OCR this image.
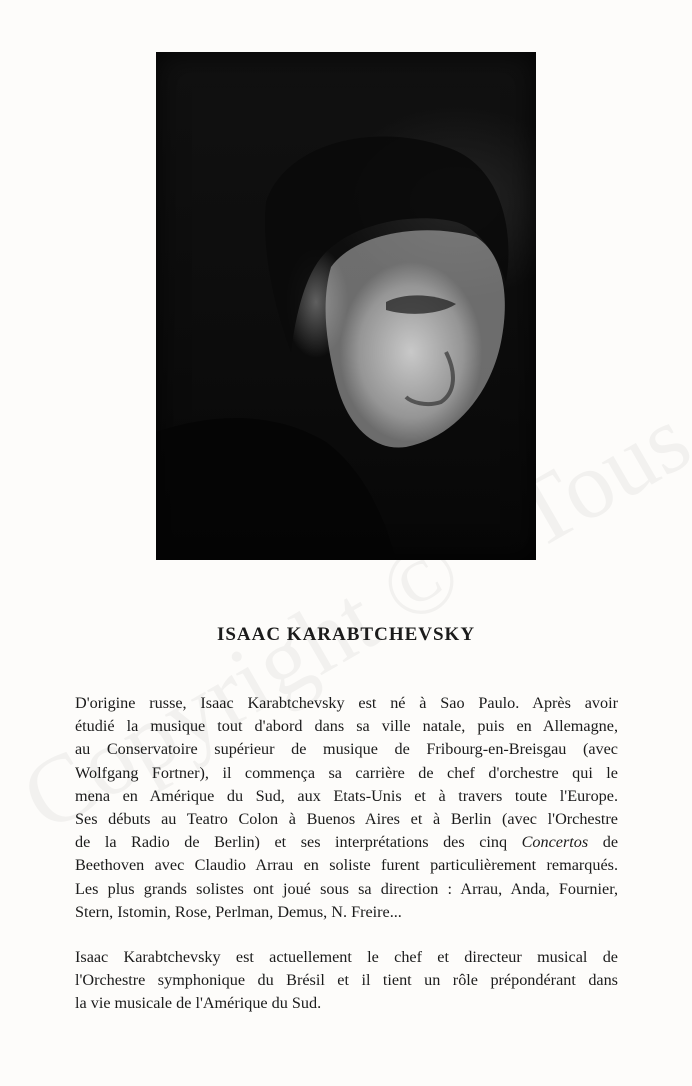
ISAAC KARABTCHEVSKY
D'origine russe, Isaac Karabtchevsky est né à Sao Paulo. Après avoir
étudié la musique tout d'abord dans sa ville natale, puis en Allemagne,
au Conservatoire supérieur de musique de Fribourg-en-Breisgau (avec
Wolfgang Fortner), il commença sa carrière de chef d'orchestre qui le
mena en Amérique du Sud, aux Etats-Unis et à travers toute l'Europe.
Ses débuts au Teatro Colon à Buenos Aires et à Berlin (avec l'Orchestre
de la Radio de Berlin) et ses interprétations des cinq Concertos de
Beethoven avec Claudio Arrau en soliste furent particulièrement remarqués.
Les plus grands solistes ont joué sous sa direction : Arrau, Anda, Fournier,
Stern, Istomin, Rose, Perlman, Demus, N. Freire...
Isaac Karabtchevsky est actuellement le chef et directeur musical de
l'Orchestre symphonique du Brésil et il tient un rôle prépondérant dans
la vie musicale de l'Amérique du Sud.
